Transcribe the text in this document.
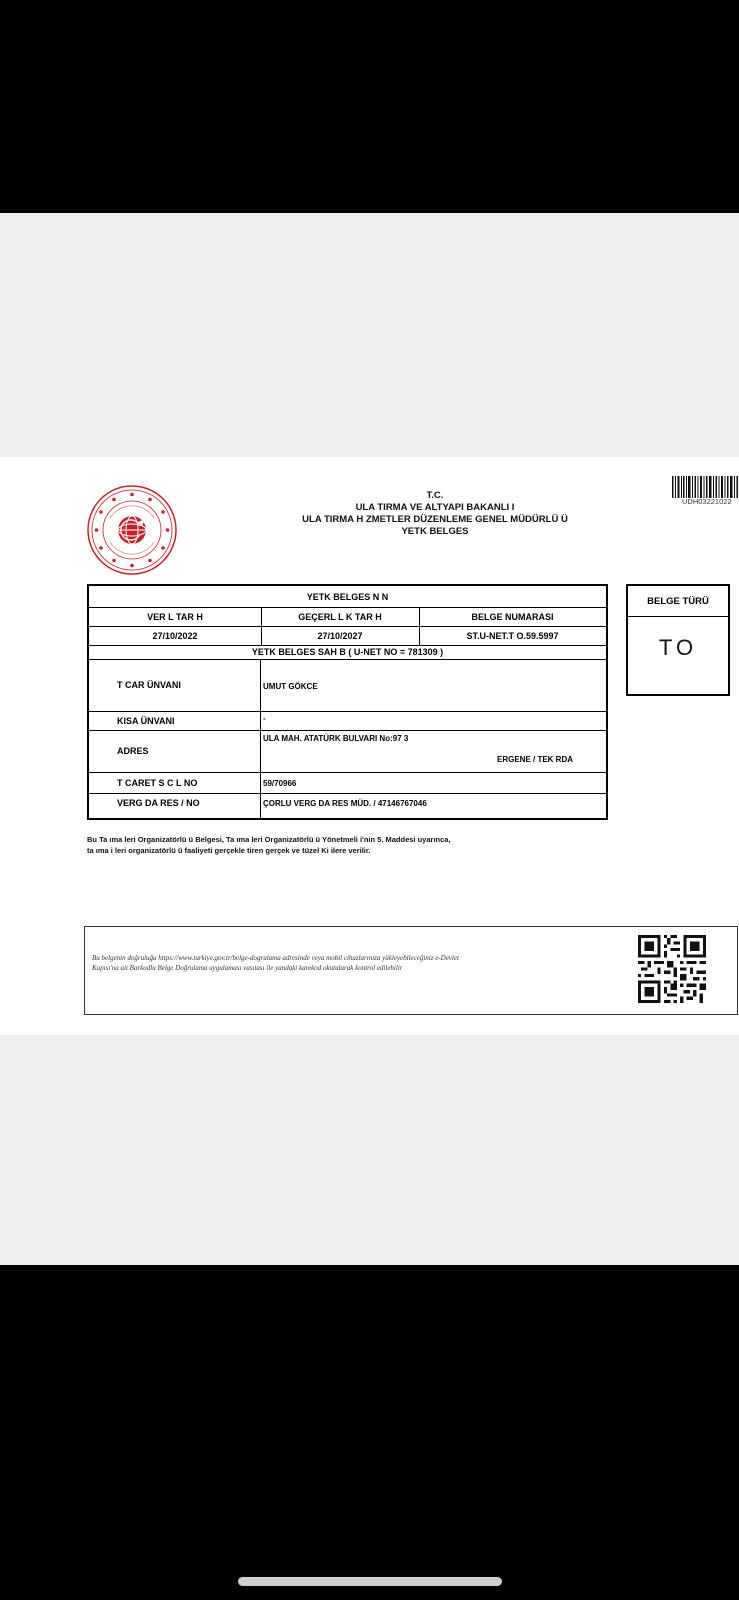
T.C.
ULA TIRMA VE ALTYAPI BAKANLI I
ULA TIRMA H ZMETLER DÜZENLEME GENEL MÜDÜRLÜ Ü
YETK BELGES
UDH03221022
YETK BELGES N N
VER L TAR H	GEÇERL L K TAR H	BELGE NUMARASI
27/10/2022	27/10/2027	ST.U-NET.T O.59.5997
YETK BELGES SAH B ( U-NET NO = 781309 )
T CAR ÜNVANI	UMUT GÖKCE
KISA ÜNVANI	-
ADRES
ULA MAH. ATATÜRK BULVARI No:97 3
ERGENE / TEK RDA
T CARET S C L NO	59/70966
VERG DA RES / NO	ÇORLU VERG DA RES MÜD. / 47146767046
BELGE TÜRÜ
TO
Bu Ta ıma leri Organizatörlü ü Belgesi, Ta ıma leri Organizatörlü ü Yönetmeli i'nin 5. Maddesi uyarınca,
ta ıma i leri organizatörlü ü faaliyeti gerçekle tiren gerçek ve tüzel Ki ilere verilir.
Bu belgenin doğruluğu https://www.turkiye.gov.tr/belge-dogrulama adresinde veya mobil cihazlarınıza yükleyebileceğiniz e-Devlet
Kapısı'na ait Barkodlu Belge Doğrulama uygulaması vasıtası ile yandaki karekod okutularak kontrol edilebilir
